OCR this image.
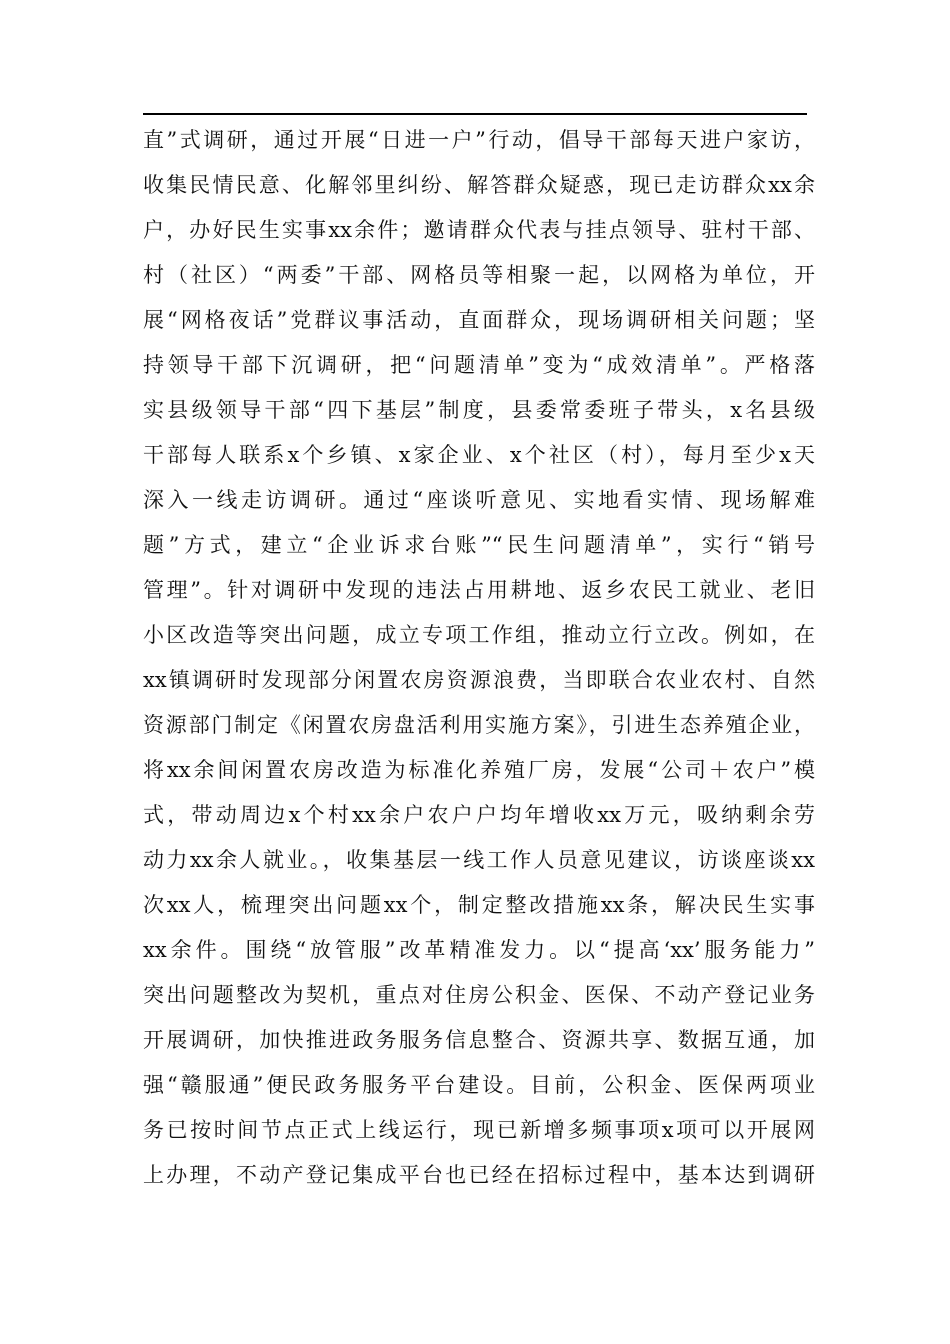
直”式调研，通过开展“日进一户”行动，倡导干部每天进户家访，
收集民情民意、化解邻里纠纷、解答群众疑惑，现已走访群众xx余
户，办好民生实事xx余件；邀请群众代表与挂点领导、驻村干部、
村（社区）“两委”干部、网格员等相聚一起，以网格为单位，开
展“网格夜话”党群议事活动，直面群众，现场调研相关问题；坚
持领导干部下沉调研，把“问题清单”变为“成效清单”。严格落
实县级领导干部“四下基层”制度，县委常委班子带头，x名县级
干部每人联系x个乡镇、x家企业、x个社区（村），每月至少x天
深入一线走访调研。通过“座谈听意见、实地看实情、现场解难
题”方式，建立“企业诉求台账”“民生问题清单”，实行“销号
管理”。针对调研中发现的违法占用耕地、返乡农民工就业、老旧
小区改造等突出问题，成立专项工作组，推动立行立改。例如，在
xx镇调研时发现部分闲置农房资源浪费，当即联合农业农村、自然
资源部门制定《闲置农房盘活利用实施方案》，引进生态养殖企业，
将xx余间闲置农房改造为标准化养殖厂房，发展“公司＋农户”模
式，带动周边x个村xx余户农户户均年增收xx万元，吸纳剩余劳
动力xx余人就业。，收集基层一线工作人员意见建议，访谈座谈xx
次xx人，梳理突出问题xx个，制定整改措施xx条，解决民生实事
xx余件。围绕“放管服”改革精准发力。以“提高‘xx’服务能力”
突出问题整改为契机，重点对住房公积金、医保、不动产登记业务
开展调研，加快推进政务服务信息整合、资源共享、数据互通，加
强“赣服通”便民政务服务平台建设。目前，公积金、医保两项业
务已按时间节点正式上线运行，现已新增多频事项x项可以开展网
上办理，不动产登记集成平台也已经在招标过程中，基本达到调研
